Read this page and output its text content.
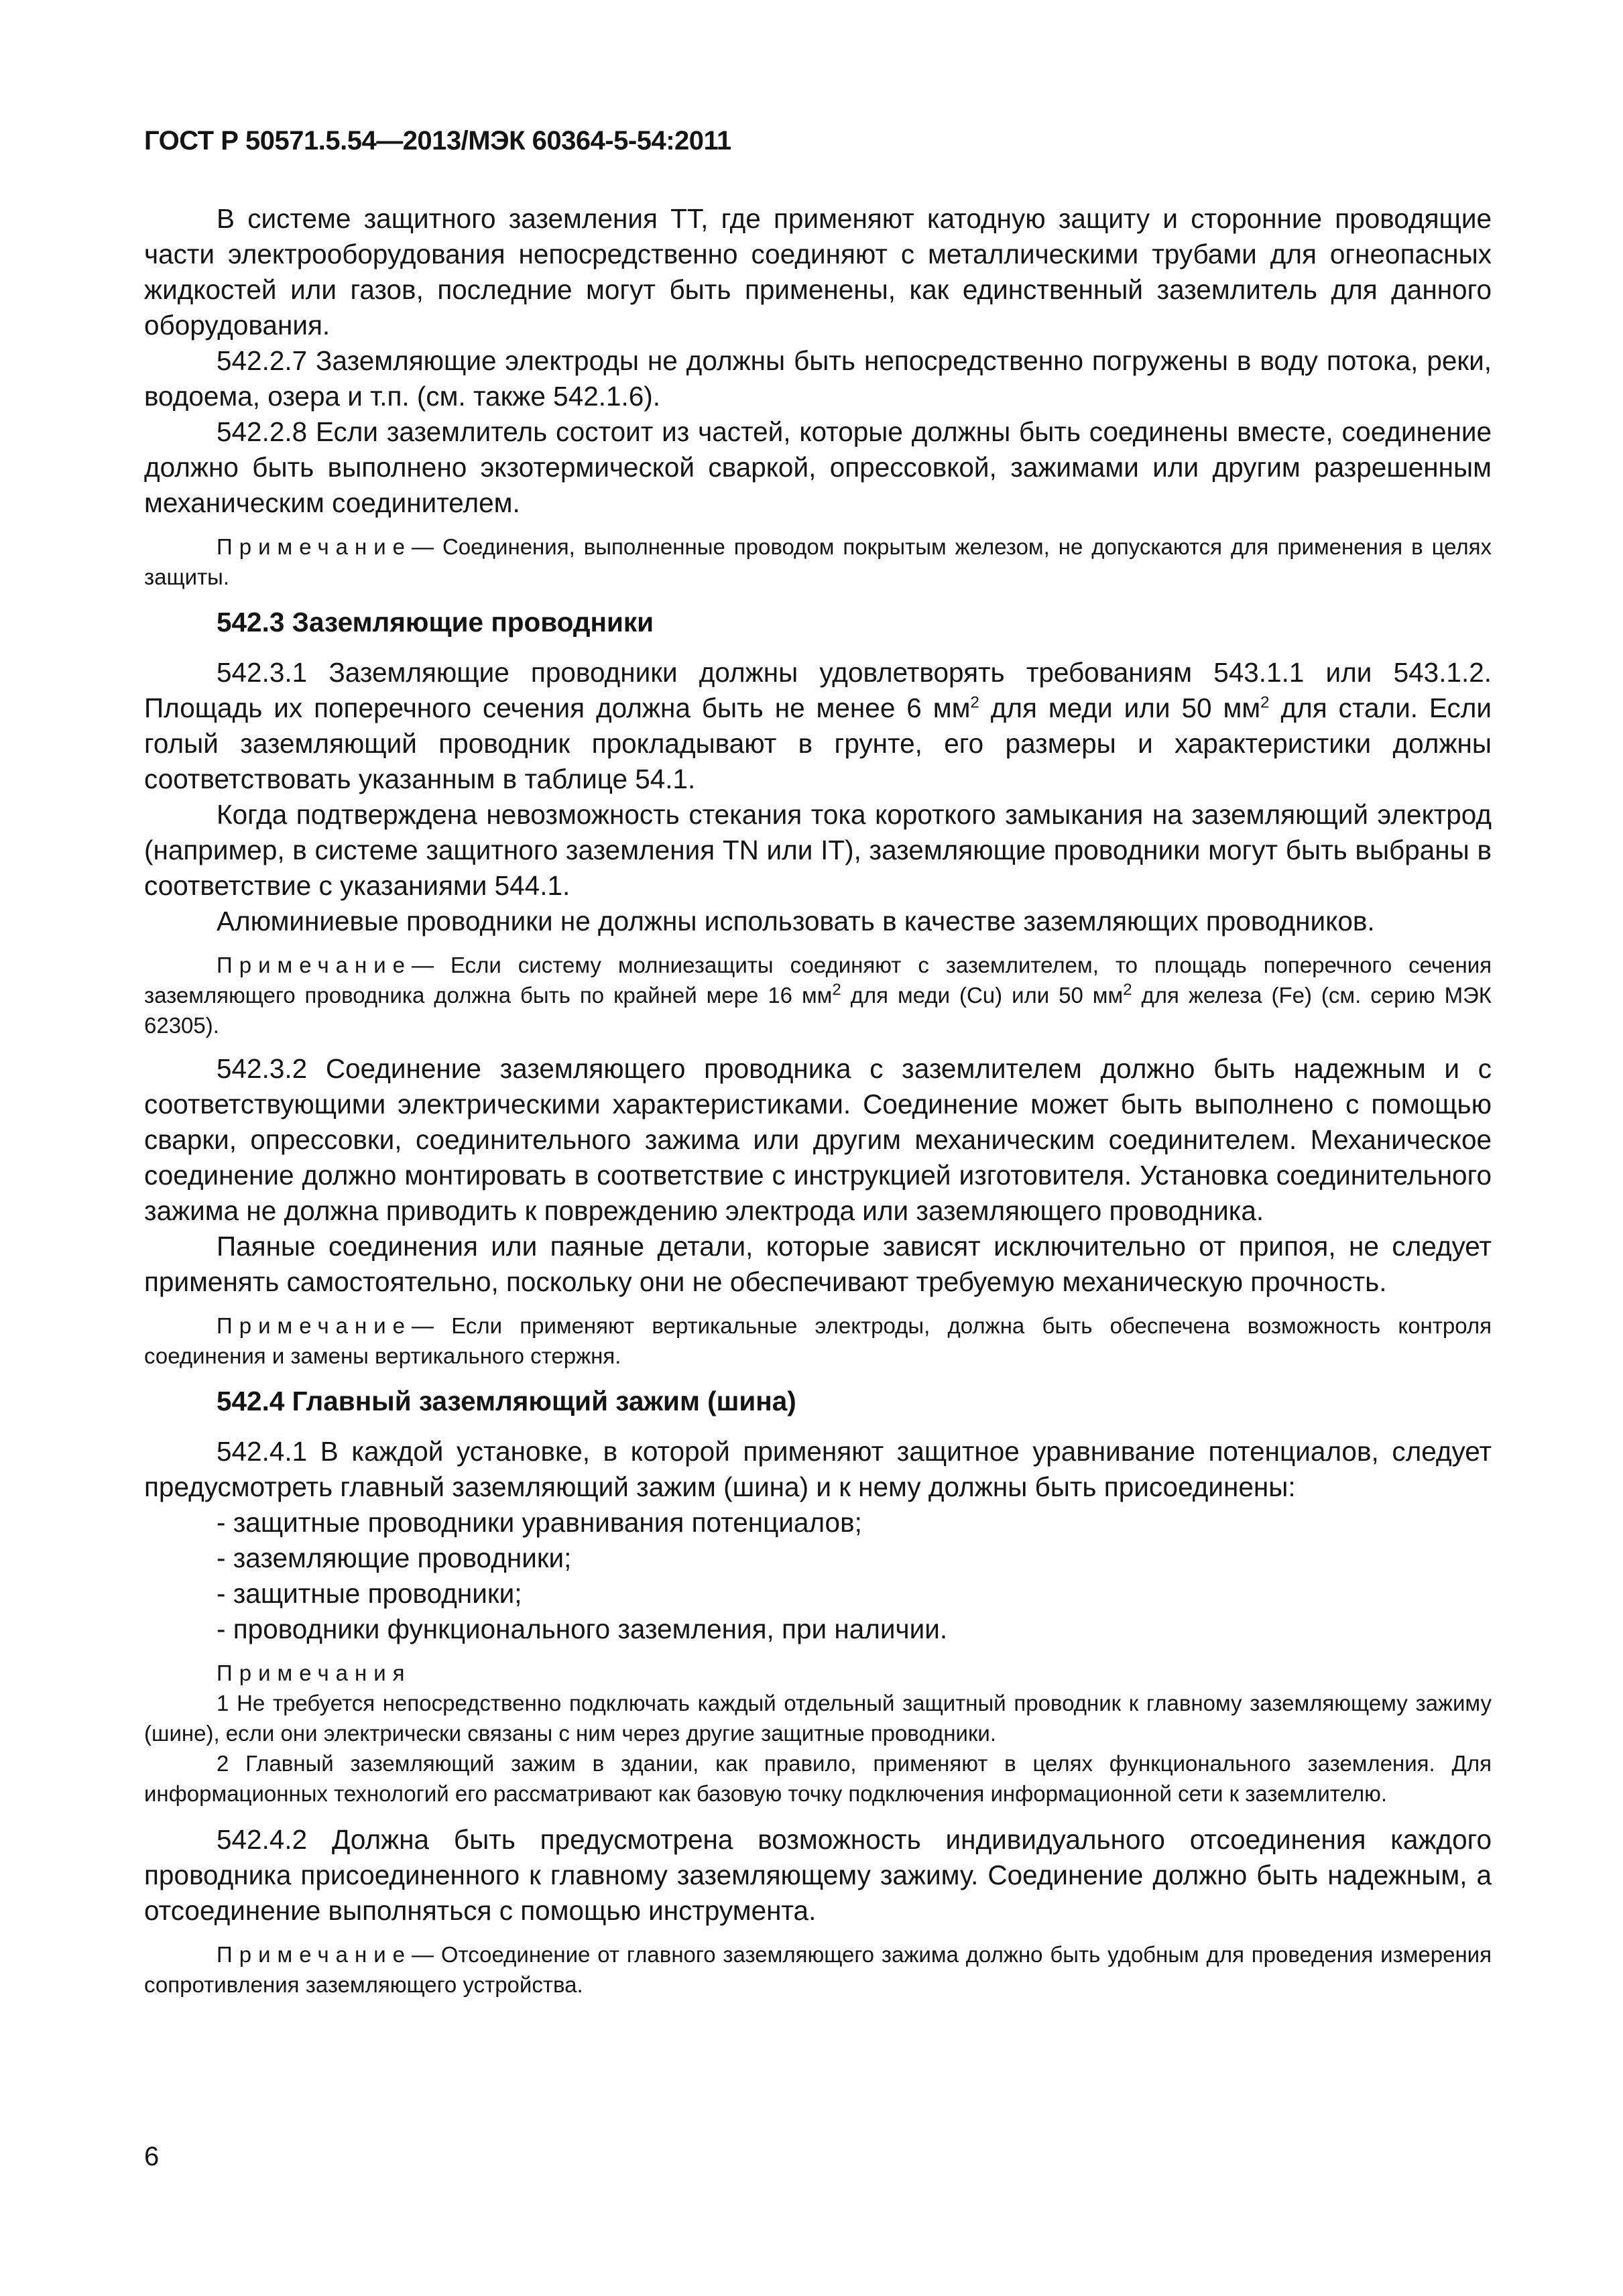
ГОСТ Р 50571.5.54—2013/МЭК 60364-5-54:2011

В системе защитного заземления ТТ, где применяют катодную защиту и сторонние проводящие части электрооборудования непосредственно соединяют с металлическими трубами для огнеопасных жидкостей или газов, последние могут быть применены, как единственный заземлитель для данного оборудования.

542.2.7 Заземляющие электроды не должны быть непосредственно погружены в воду потока, реки, водоема, озера и т.п. (см. также 542.1.6).

542.2.8 Если заземлитель состоит из частей, которые должны быть соединены вместе, соединение должно быть выполнено экзотермической сваркой, опрессовкой, зажимами или другим разрешенным механическим соединителем.

Примечание— Соединения, выполненные проводом покрытым железом, не допускаются для применения в целях защиты.

542.3 Заземляющие проводники

542.3.1 Заземляющие проводники должны удовлетворять требованиям 543.1.1 или 543.1.2. Площадь их поперечного сечения должна быть не менее 6 $мм^2$ для меди или 50 $мм^2$ для стали. Если голый заземляющий проводник прокладывают в грунте, его размеры и характеристики должны соответствовать указанным в таблице 54.1.

Когда подтверждена невозможность стекания тока короткого замыкания на заземляющий электрод (например, в системе защитного заземления TN или IT), заземляющие проводники могут быть выбраны в соответствие с указаниями 544.1.

Алюминиевые проводники не должны использовать в качестве заземляющих проводников.

Примечание— Если систему молниезащиты соединяют с заземлителем, то площадь поперечного сечения заземляющего проводника должна быть по крайней мере 16 $мм^2$ для меди (Cu) или 50 $мм^2$ для железа (Fe) (см. серию МЭК 62305).

542.3.2 Соединение заземляющего проводника с заземлителем должно быть надежным и с соответствующими электрическими характеристиками. Соединение может быть выполнено с помощью сварки, опрессовки, соединительного зажима или другим механическим соединителем. Механическое соединение должно монтировать в соответствие с инструкцией изготовителя. Установка соединительного зажима не должна приводить к повреждению электрода или заземляющего проводника.

Паяные соединения или паяные детали, которые зависят исключительно от припоя, не следует применять самостоятельно, поскольку они не обеспечивают требуемую механическую прочность.

Примечание— Если применяют вертикальные электроды, должна быть обеспечена возможность контроля соединения и замены вертикального стержня.

542.4 Главный заземляющий зажим (шина)

542.4.1 В каждой установке, в которой применяют защитное уравнивание потенциалов, следует предусмотреть главный заземляющий зажим (шина) и к нему должны быть присоединены:

- защитные проводники уравнивания потенциалов;

- заземляющие проводники;

- защитные проводники;

- проводники функционального заземления, при наличии.

Примечания

1 Не требуется непосредственно подключать каждый отдельный защитный проводник к главному заземляющему зажиму (шине), если они электрически связаны с ним через другие защитные проводники.

2 Главный заземляющий зажим в здании, как правило, применяют в целях функционального заземления. Для информационных технологий его рассматривают как базовую точку подключения информационной сети к заземлителю.

542.4.2 Должна быть предусмотрена возможность индивидуального отсоединения каждого проводника присоединенного к главному заземляющему зажиму. Соединение должно быть надежным, а отсоединение выполняться с помощью инструмента.

Примечание— Отсоединение от главного заземляющего зажима должно быть удобным для проведения измерения сопротивления заземляющего устройства.

6
